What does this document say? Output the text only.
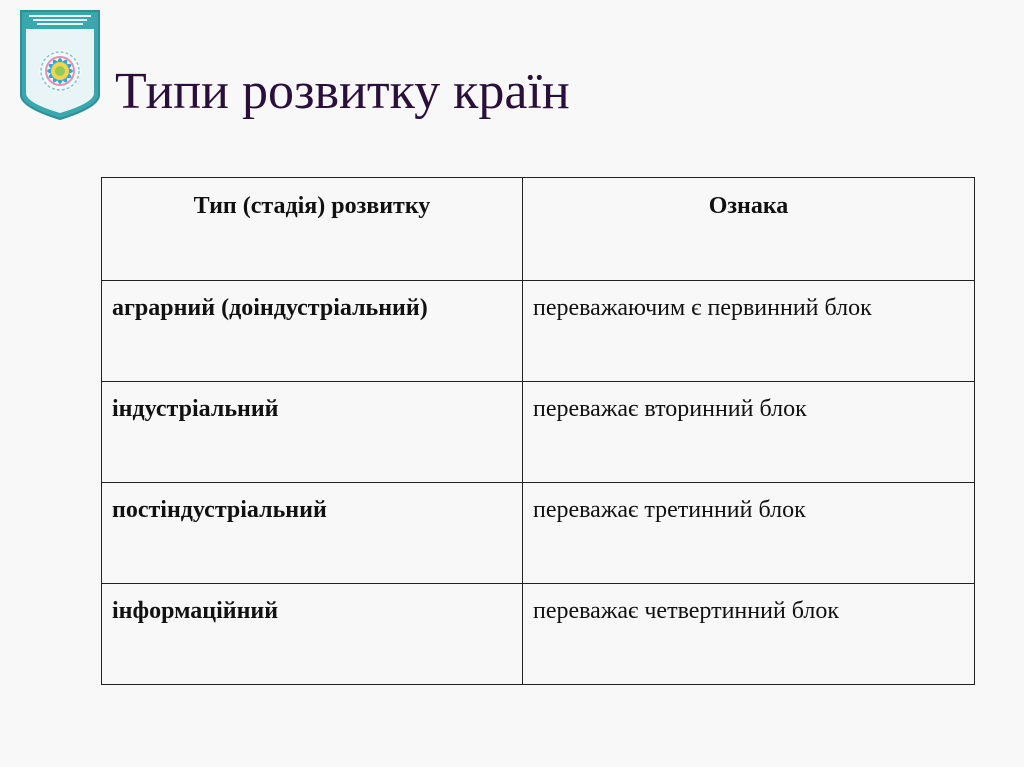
Типи розвитку країн
Тип (стадія) розвитку	Ознака
аграрний (доіндустріальний)	переважаючим є первинний блок
індустріальний	переважає вторинний блок
постіндустріальний	переважає третинний блок
інформаційний	переважає четвертинний блок
